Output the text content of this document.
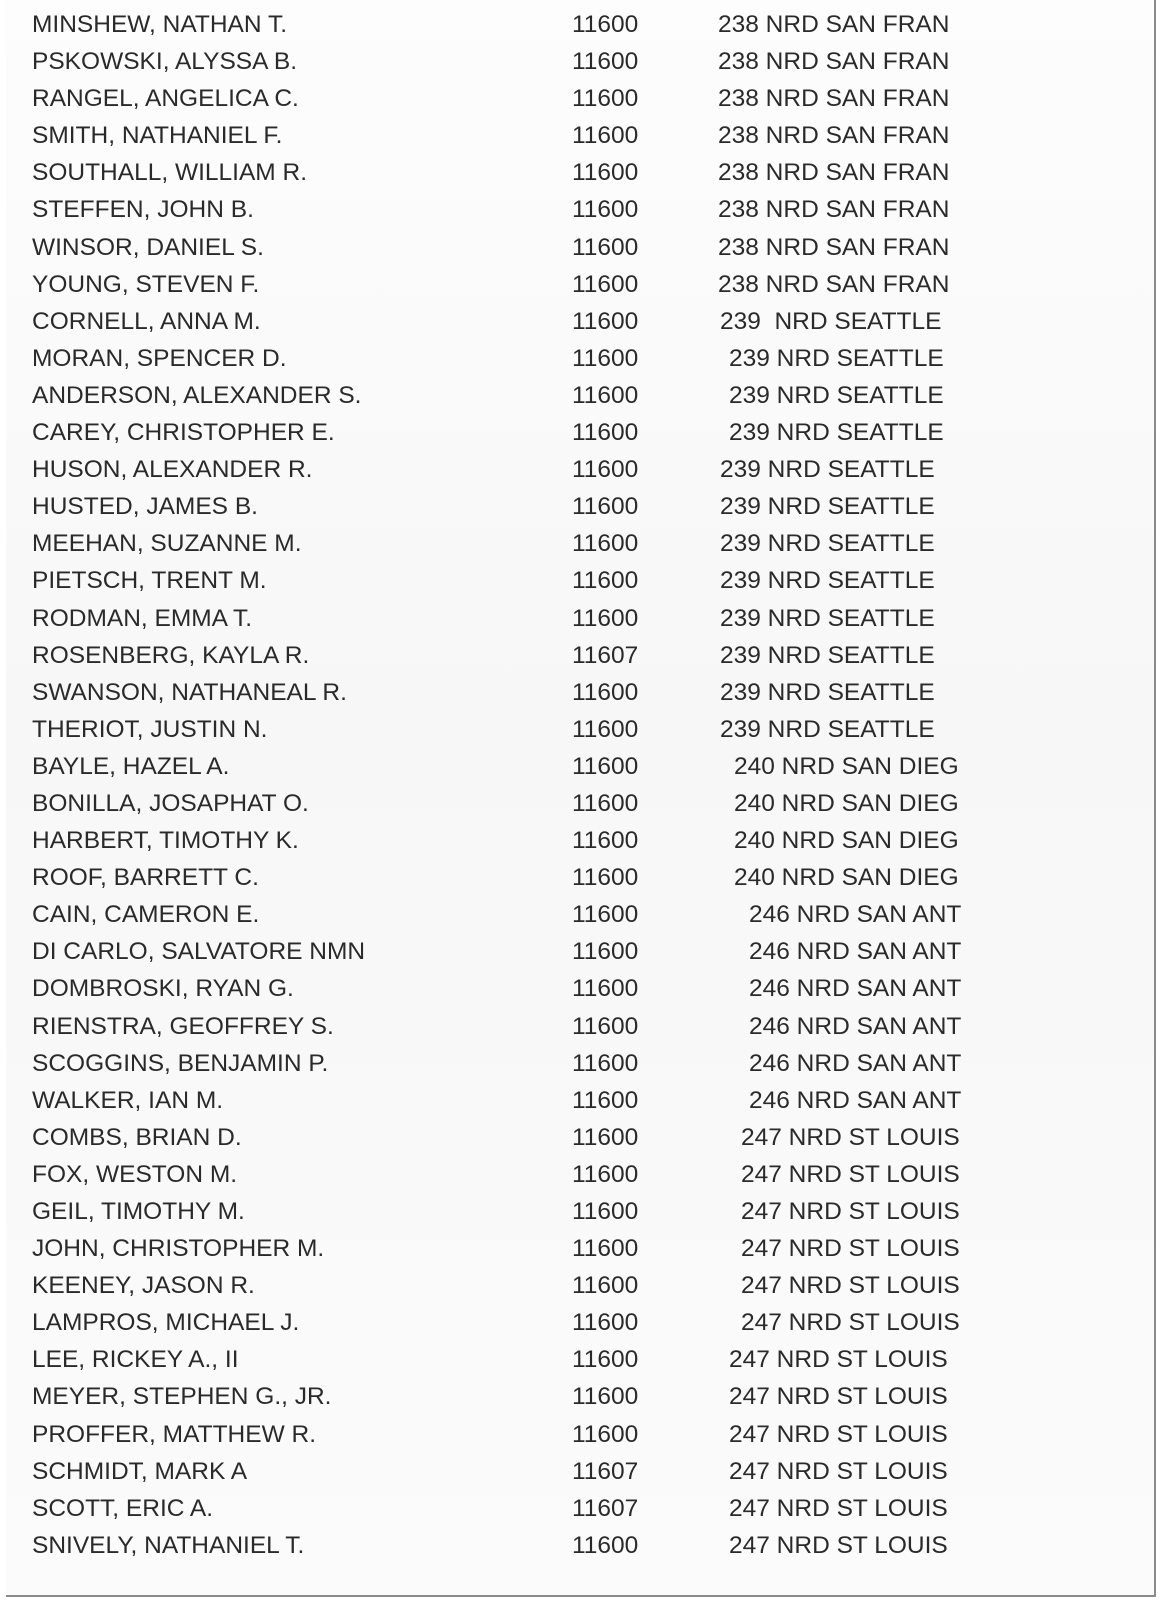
MINSHEW, NATHAN T.	11600	238 NRD SAN FRAN
PSKOWSKI, ALYSSA B.	11600	238 NRD SAN FRAN
RANGEL, ANGELICA C.	11600	238 NRD SAN FRAN
SMITH, NATHANIEL F.	11600	238 NRD SAN FRAN
SOUTHALL, WILLIAM R.	11600	238 NRD SAN FRAN
STEFFEN, JOHN B.	11600	238 NRD SAN FRAN
WINSOR, DANIEL S.	11600	238 NRD SAN FRAN
YOUNG, STEVEN F.	11600	238 NRD SAN FRAN
CORNELL, ANNA M.	11600	239  NRD SEATTLE
MORAN, SPENCER D.	11600	239 NRD SEATTLE
ANDERSON, ALEXANDER S.	11600	239 NRD SEATTLE
CAREY, CHRISTOPHER E.	11600	239 NRD SEATTLE
HUSON, ALEXANDER R.	11600	239 NRD SEATTLE
HUSTED, JAMES B.	11600	239 NRD SEATTLE
MEEHAN, SUZANNE M.	11600	239 NRD SEATTLE
PIETSCH, TRENT M.	11600	239 NRD SEATTLE
RODMAN, EMMA T.	11600	239 NRD SEATTLE
ROSENBERG, KAYLA R.	11607	239 NRD SEATTLE
SWANSON, NATHANEAL R.	11600	239 NRD SEATTLE
THERIOT, JUSTIN N.	11600	239 NRD SEATTLE
BAYLE, HAZEL A.	11600	240 NRD SAN DIEG
BONILLA, JOSAPHAT O.	11600	240 NRD SAN DIEG
HARBERT, TIMOTHY K.	11600	240 NRD SAN DIEG
ROOF, BARRETT C.	11600	240 NRD SAN DIEG
CAIN, CAMERON E.	11600	246 NRD SAN ANT
DI CARLO, SALVATORE NMN	11600	246 NRD SAN ANT
DOMBROSKI, RYAN G.	11600	246 NRD SAN ANT
RIENSTRA, GEOFFREY S.	11600	246 NRD SAN ANT
SCOGGINS, BENJAMIN P.	11600	246 NRD SAN ANT
WALKER, IAN M.	11600	246 NRD SAN ANT
COMBS, BRIAN D.	11600	247 NRD ST LOUIS
FOX, WESTON M.	11600	247 NRD ST LOUIS
GEIL, TIMOTHY M.	11600	247 NRD ST LOUIS
JOHN, CHRISTOPHER M.	11600	247 NRD ST LOUIS
KEENEY, JASON R.	11600	247 NRD ST LOUIS
LAMPROS, MICHAEL J.	11600	247 NRD ST LOUIS
LEE, RICKEY A., II	11600	247 NRD ST LOUIS
MEYER, STEPHEN G., JR.	11600	247 NRD ST LOUIS
PROFFER, MATTHEW R.	11600	247 NRD ST LOUIS
SCHMIDT, MARK A	11607	247 NRD ST LOUIS
SCOTT, ERIC A.	11607	247 NRD ST LOUIS
SNIVELY, NATHANIEL T.	11600	247 NRD ST LOUIS
